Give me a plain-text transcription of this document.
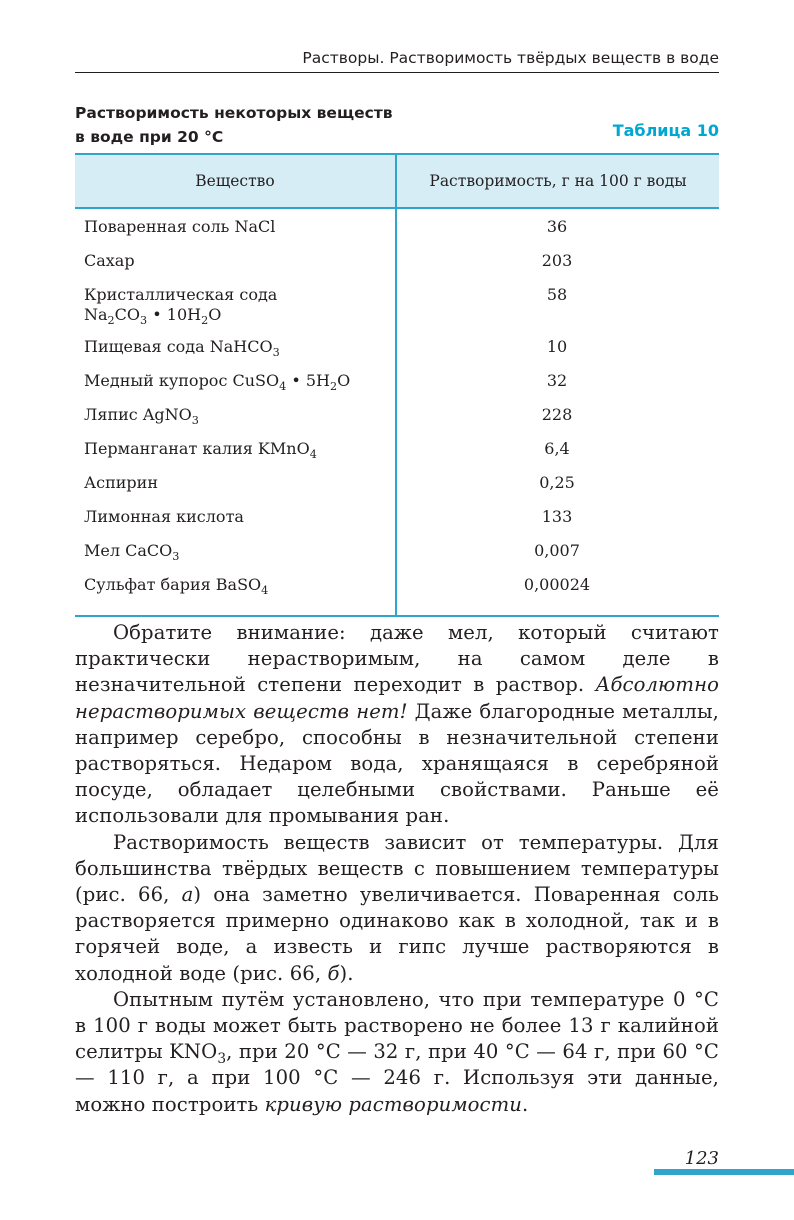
Растворы. Растворимость твёрдых веществ в воде
Растворимость некоторых веществ
в воде при 20 °C	Таблица 10
Вещество	Растворимость, г на 100 г воды
Поваренная соль NaCl
Сахар
Кристаллическая сода
$Na_2CO_3$ • $10H_2O$
Пищевая сода NaHCO$_3$
Медный купорос CuSO$_4$ • $5H_2O$
Ляпис AgNO$_3$
Перманганат калия KMnO$_4$
Аспирин
Лимонная кислота
Мел CaCO$_3$
Сульфат бария BaSO$_4$
36
203
58
10
32
228
6,4
0,25
133
0,007
0,00024

Обратите внимание: даже мел, который считают практически нерастворимым, на самом деле в незначительной степени переходит в раствор. Абсолютно нерастворимых веществ нет! Даже благородные металлы, например серебро, способны в незначительной степени растворяться. Недаром вода, хранящаяся в серебряной посуде, обладает целебными свойствами. Раньше её использовали для промывания ран.

Растворимость веществ зависит от температуры. Для большинства твёрдых веществ с повышением температуры (рис. 66, а) она заметно увеличивается. Поваренная соль растворяется примерно одинаково как в холодной, так и в горячей воде, а известь и гипс лучше растворяются в холодной воде (рис. 66, б).

Опытным путём установлено, что при температуре 0 °C в 100 г воды может быть растворено не более 13 г калийной селитры $KNO_3$, при 20 °C — 32 г, при 40 °C — 64 г, при 60 °C — 110 г, а при 100 °C — 246 г. Используя эти данные, можно построить кривую растворимости.

123
